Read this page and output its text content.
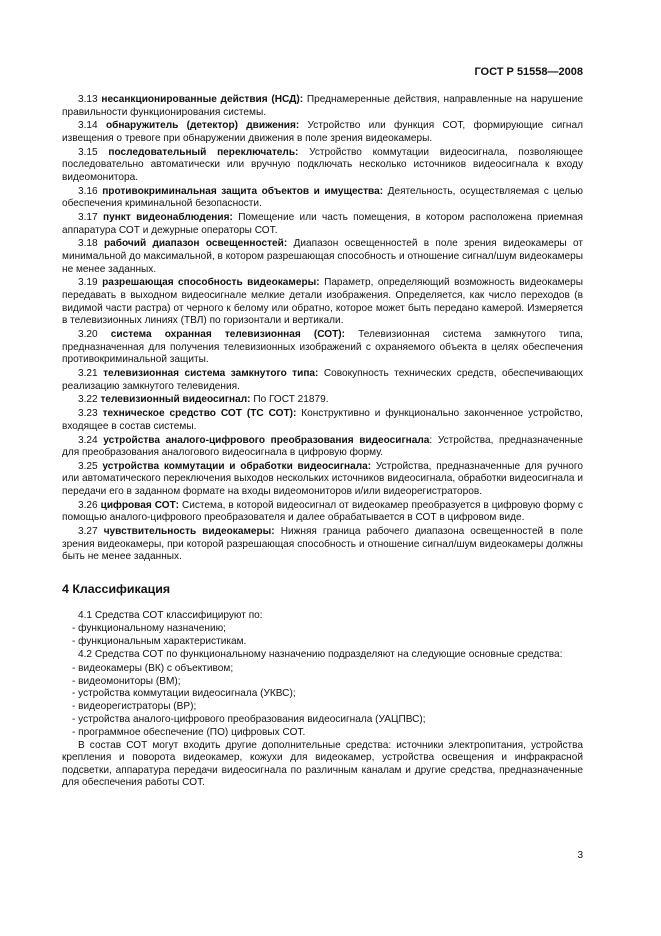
ГОСТ Р 51558—2008

3.13 несанкционированные действия (НСД): Преднамеренные действия, направленные на нарушение правильности функционирования системы.

3.14 обнаружитель (детектор) движения: Устройство или функция СОТ, формирующие сигнал извещения о тревоге при обнаружении движения в поле зрения видеокамеры.

3.15 последовательный переключатель: Устройство коммутации видеосигнала, позволяющее последовательно автоматически или вручную подключать несколько источников видеосигнала к входу видеомонитора.

3.16 противокриминальная защита объектов и имущества: Деятельность, осуществляемая с целью обеспечения криминальной безопасности.

3.17 пункт видеонаблюдения: Помещение или часть помещения, в котором расположена приемная аппаратура СОТ и дежурные операторы СОТ.

3.18 рабочий диапазон освещенностей: Диапазон освещенностей в поле зрения видеокамеры от минимальной до максимальной, в котором разрешающая способность и отношение сигнал/шум видеокамеры не менее заданных.

3.19 разрешающая способность видеокамеры: Параметр, определяющий возможность видеокамеры передавать в выходном видеосигнале мелкие детали изображения. Определяется, как число переходов (в видимой части растра) от черного к белому или обратно, которое может быть передано камерой. Измеряется в телевизионных линиях (ТВЛ) по горизонтали и вертикали.

3.20 система охранная телевизионная (СОТ): Телевизионная система замкнутого типа, предназначенная для получения телевизионных изображений с охраняемого объекта в целях обеспечения противокриминальной защиты.

3.21 телевизионная система замкнутого типа: Совокупность технических средств, обеспечивающих реализацию замкнутого телевидения.

3.22 телевизионный видеосигнал: По ГОСТ 21879.

3.23 техническое средство СОТ (ТС СОТ): Конструктивно и функционально законченное устройство, входящее в состав системы.

3.24 устройства аналого-цифрового преобразования видеосигнала: Устройства, предназначенные для преобразования аналогового видеосигнала в цифровую форму.

3.25 устройства коммутации и обработки видеосигнала: Устройства, предназначенные для ручного или автоматического переключения выходов нескольких источников видеосигнала, обработки видеосигнала и передачи его в заданном формате на входы видеомониторов и/или видеорегистраторов.

3.26 цифровая СОТ: Система, в которой видеосигнал от видеокамер преобразуется в цифровую форму с помощью аналого-цифрового преобразователя и далее обрабатывается в СОТ в цифровом виде.

3.27 чувствительность видеокамеры: Нижняя граница рабочего диапазона освещенностей в поле зрения видеокамеры, при которой разрешающая способность и отношение сигнал/шум видеокамеры должны быть не менее заданных.

4 Классификация

4.1 Средства СОТ классифицируют по:

- функциональному назначению;
- функциональным характеристикам.

4.2 Средства СОТ по функциональному назначению подразделяют на следующие основные средства:

- видеокамеры (ВК) с объективом;
- видеомониторы (ВМ);
- устройства коммутации видеосигнала (УКВС);
- видеорегистраторы (ВР);
- устройства аналого-цифрового преобразования видеосигнала (УАЦПВС);
- программное обеспечение (ПО) цифровых СОТ.

В состав СОТ могут входить другие дополнительные средства: источники электропитания, устройства крепления и поворота видеокамер, кожухи для видеокамер, устройства освещения и инфракрасной подсветки, аппаратура передачи видеосигнала по различным каналам и другие средства, предназначенные для обеспечения работы СОТ.

3
